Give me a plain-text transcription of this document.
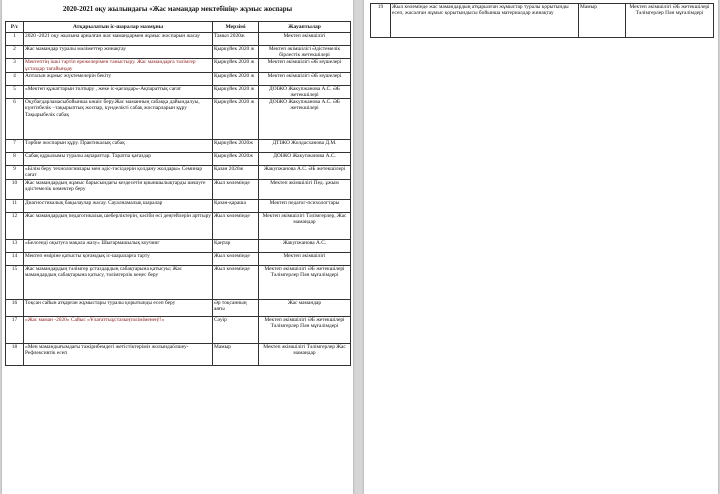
2020-2021 оқу жылындағы «Жас мамандар мектебінің» жұмыс жоспары
Р/с	Атқарылатын іс-шаралар мазмұны	Мерзімі	Жауаптылар
1	2020 -2021 оқу жылына арналған жас мамандармен жұмыс жоспарын жасау	Тамыз 2020ж	Мектеп әкімшілігі
2	Жас мамандар туралы мәліметтер жинақтау	Қыркүйек 2020 ж	Мектеп әкімшілігі Әдістемелік бірлестік жетекшілері
3	Мектептің ішкі тәртіп ережелерімен таныстыру. Жас мамандарға тәлімгер ұстаздар тағайындау	Қыркүйек 2020 ж	Мектеп әкімшілігі ӘБ мүшелері
4	Аптасын жұмыс жүктемелерін бекіту	Қыркүйек 2020 ж	Мектеп әкімшілігі ӘБ мүшелері
5	«Мектеп құжаттарын толтыру , жеке іс-қағаздар»-Ақпараттық сағат	Қыркүйек 2020 ж	ДОІЖО Жакупжанова А.С. ӘБ жетекшілері
6	Оқубағдарламасыбойынша көшіс беру.Жас маманның сабаққа дайындалуы, күнтізбелік –тақырыптық жоспар, күнделікті сабақ жоспарларын құру Тақырыбелік сабақ	Қыркүйек 2020 ж	ДОІЖО Жакупжанова А.С. ӘБ жетекшілері
7	Тәрбие жоспарын құру. Практикалық сабақ	Қыркүйек 2020ж	ДТІЖО Жолдасханова Д.М.
8	Сабақ құрылымы туралы ақпараттар. Таратпа қағаздар	Қыркүйек 2020ж	ДОІЖО Жакупжанова А.С.
9	«Білім беру технологиялары мен әдіс-тәсілдерін қолдану жолдары» Семинар сағат	Қазан 2020ж	Жакупжанова А.С. ӘБ жетекшілері
10	Жас мамандардың жұмыс барысындағы кездесетін қиыншылықтарды шешуге әдістемелік көмектер беру	Жыл көлемінде	Мектеп әкімшілігі Пед. ұжым
11	Диагностикалық бақылаулар жасау. Сауалнамалық шаралар	Қазан-қараша	Мектеп педагог-психологтары
12	Жас мамандардың педагогикалық шеберліктерін, кәсіби өсі деңгейлерін арттыру	Жыл көлемінде	Мектеп әкімшілігі Тәлімгерлер, Жас мамандар
13	«Белсенді оқытуға мақала жазу» Шығармашылық коучинг	Қаңтар	Жакупжанова А.С.
14	Мектеп өмірінe қатысты қоғамдық іс-шараларға тарту	Жыл көлемінде	Мектеп әкімшілігі
15	Жас мамандардың тәлімгер ұстаздардың сабақтарына қатысуы; Жас мамандардың сабақтарына қатысу, тәлімгерлік кеңес беру	Жыл көлемінде	Мектеп әкімшілігі ӘБ жетекшілері Тәлімгерлер Пән мұғалімдері
16	Тоқсан сайын атқарған жұмыстары туралы қорытынды есеп беру	Әр тоқсанның аяғы	Жас мамандар
17	«Жас маман -2020» Сайыс «Ұлағаттыұстазыңтәліміменең!!»	Сәуір	Мектеп әкімшілігі ӘБ жетекшілері Тәлімгерлер Пән мұғалімдері
18	«Мен мамандығымдағы тәжірибемдегі жетістіктеріміз жолындаӧлшеу-Рефлексивтік есеп	Мамыр	Мектеп әкімшілігі Тәлімгерлер Жас мамандар
19	Жыл көлемінде жас мамандардың атқарылған жұмыстар туралы қорытынды есеп, жасалған жұмыс қорытындысы бойынша материалдар жинақтау	Мамыр	Мектеп әкімшілігі ӘБ жетекшілері Тәлімгерлер Пән мұғалімдері
